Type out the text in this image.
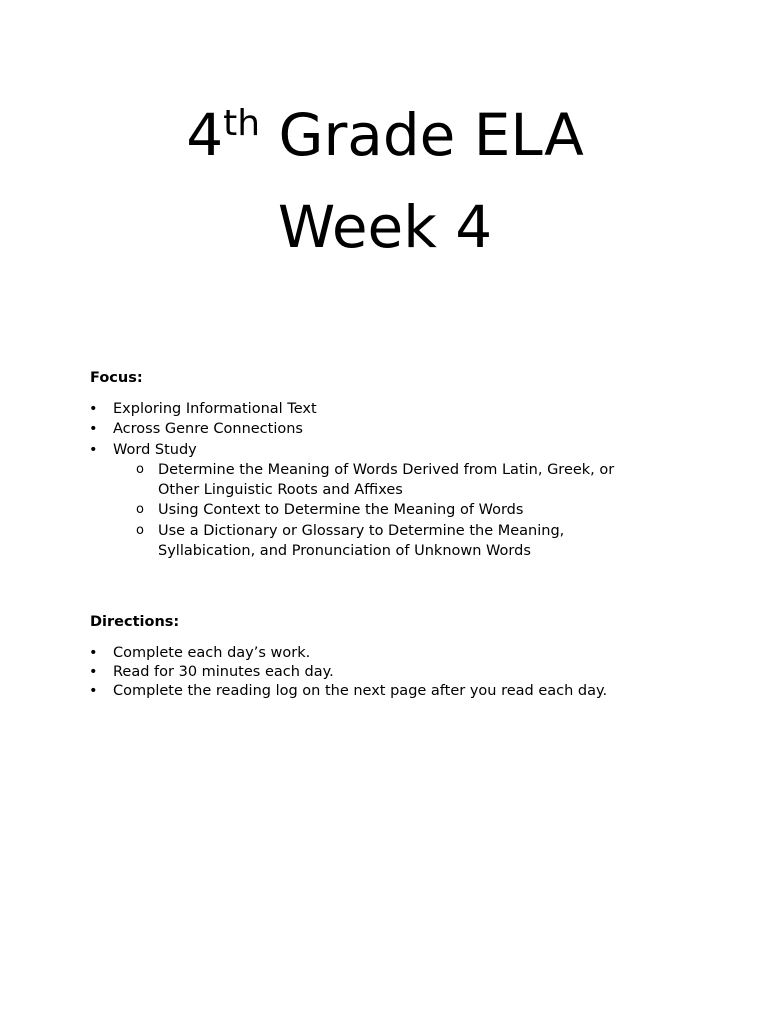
4th Grade ELA
Week 4
Focus:
•	Exploring Informational Text
•	Across Genre Connections
•	Word Study
o Determine the Meaning of Words Derived from Latin, Greek, or Other Linguistic Roots and Affixes
o Using Context to Determine the Meaning of Words
o Use a Dictionary or Glossary to Determine the Meaning, Syllabication, and Pronunciation of Unknown Words
Directions:
•	Complete each day’s work.
•	Read for 30 minutes each day.
•	Complete the reading log on the next page after you read each day.
